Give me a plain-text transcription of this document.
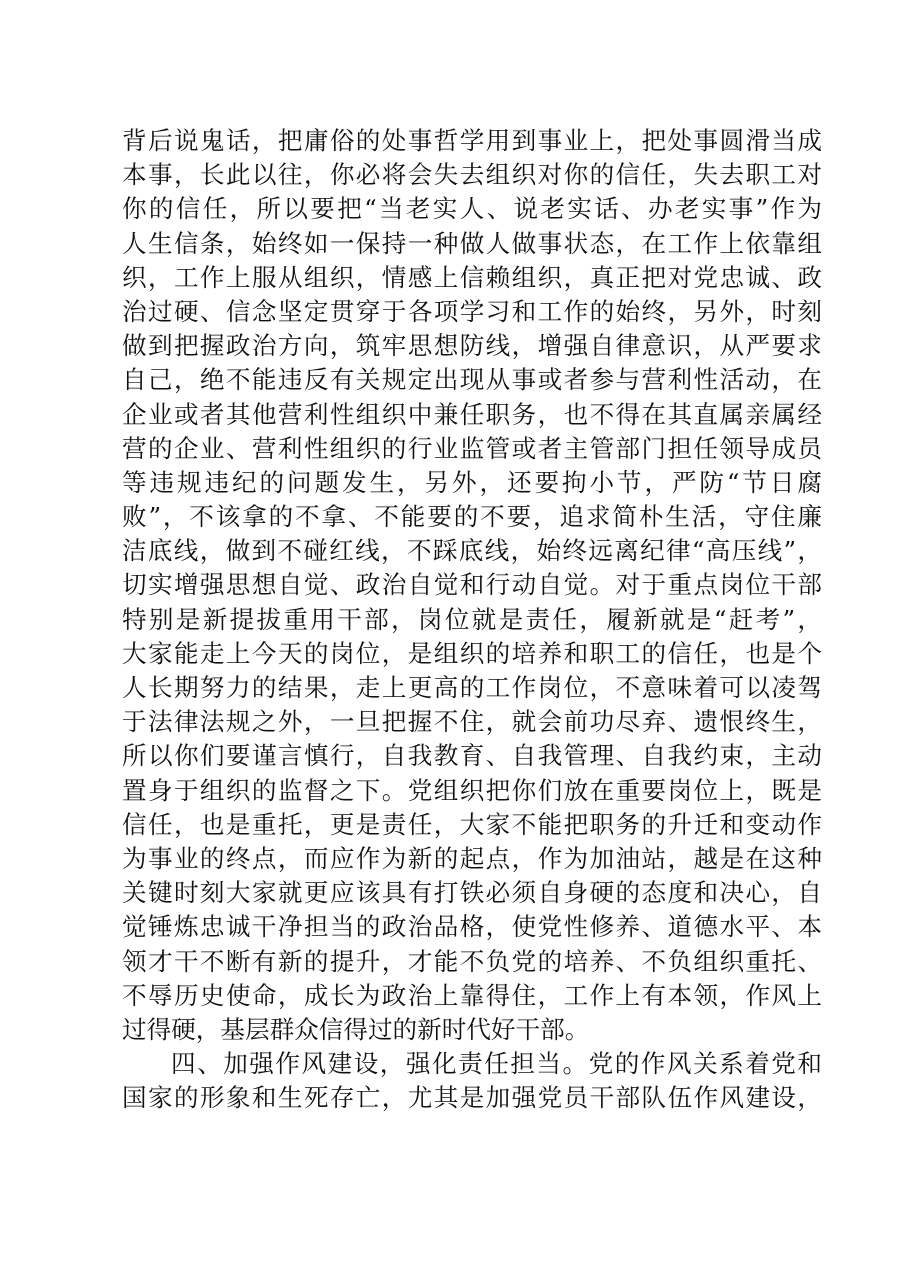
背后说鬼话，把庸俗的处事哲学用到事业上，把处事圆滑当成
本事，长此以往，你必将会失去组织对你的信任，失去职工对
你的信任，所以要把“当老实人、说老实话、办老实事”作为
人生信条，始终如一保持一种做人做事状态，在工作上依靠组
织，工作上服从组织，情感上信赖组织，真正把对党忠诚、政
治过硬、信念坚定贯穿于各项学习和工作的始终，另外，时刻
做到把握政治方向，筑牢思想防线，增强自律意识，从严要求
自己，绝不能违反有关规定出现从事或者参与营利性活动，在
企业或者其他营利性组织中兼任职务，也不得在其直属亲属经
营的企业、营利性组织的行业监管或者主管部门担任领导成员
等违规违纪的问题发生，另外，还要拘小节，严防“节日腐
败”，不该拿的不拿、不能要的不要，追求简朴生活，守住廉
洁底线，做到不碰红线，不踩底线，始终远离纪律“高压线”，
切实增强思想自觉、政治自觉和行动自觉。对于重点岗位干部
特别是新提拔重用干部，岗位就是责任，履新就是“赶考”，
大家能走上今天的岗位，是组织的培养和职工的信任，也是个
人长期努力的结果，走上更高的工作岗位，不意味着可以凌驾
于法律法规之外，一旦把握不住，就会前功尽弃、遗恨终生，
所以你们要谨言慎行，自我教育、自我管理、自我约束，主动
置身于组织的监督之下。党组织把你们放在重要岗位上，既是
信任，也是重托，更是责任，大家不能把职务的升迁和变动作
为事业的终点，而应作为新的起点，作为加油站，越是在这种
关键时刻大家就更应该具有打铁必须自身硬的态度和决心，自
觉锤炼忠诚干净担当的政治品格，使党性修养、道德水平、本
领才干不断有新的提升，才能不负党的培养、不负组织重托、
不辱历史使命，成长为政治上靠得住，工作上有本领，作风上
过得硬，基层群众信得过的新时代好干部。
四、加强作风建设，强化责任担当。党的作风关系着党和
国家的形象和生死存亡，尤其是加强党员干部队伍作风建设，
